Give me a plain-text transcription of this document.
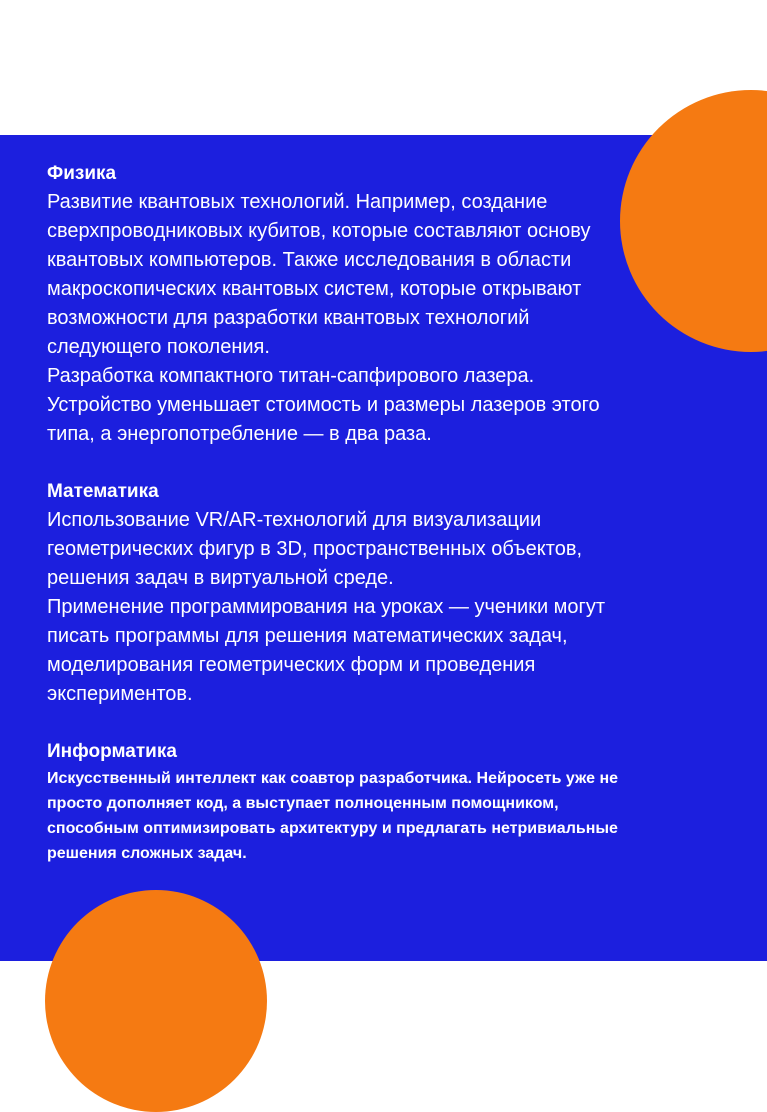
Физика

Развитие квантовых технологий. Например, создание сверхпроводниковых кубитов, которые составляют основу квантовых компьютеров. Также исследования в области макроскопических квантовых систем, которые открывают возможности для разработки квантовых технологий следующего поколения.

Разработка компактного титан-сапфирового лазера. Устройство уменьшает стоимость и размеры лазеров этого типа, а энергопотребление — в два раза.

Математика

Использование VR/AR-технологий для визуализации геометрических фигур в 3D, пространственных объектов, решения задач в виртуальной среде.

Применение программирования на уроках — ученики могут писать программы для решения математических задач, моделирования геометрических форм и проведения экспериментов.

Информатика

Искусственный интеллект как соавтор разработчика. Нейросеть уже не просто дополняет код, а выступает полноценным помощником, способным оптимизировать архитектуру и предлагать нетривиальные решения сложных задач.
